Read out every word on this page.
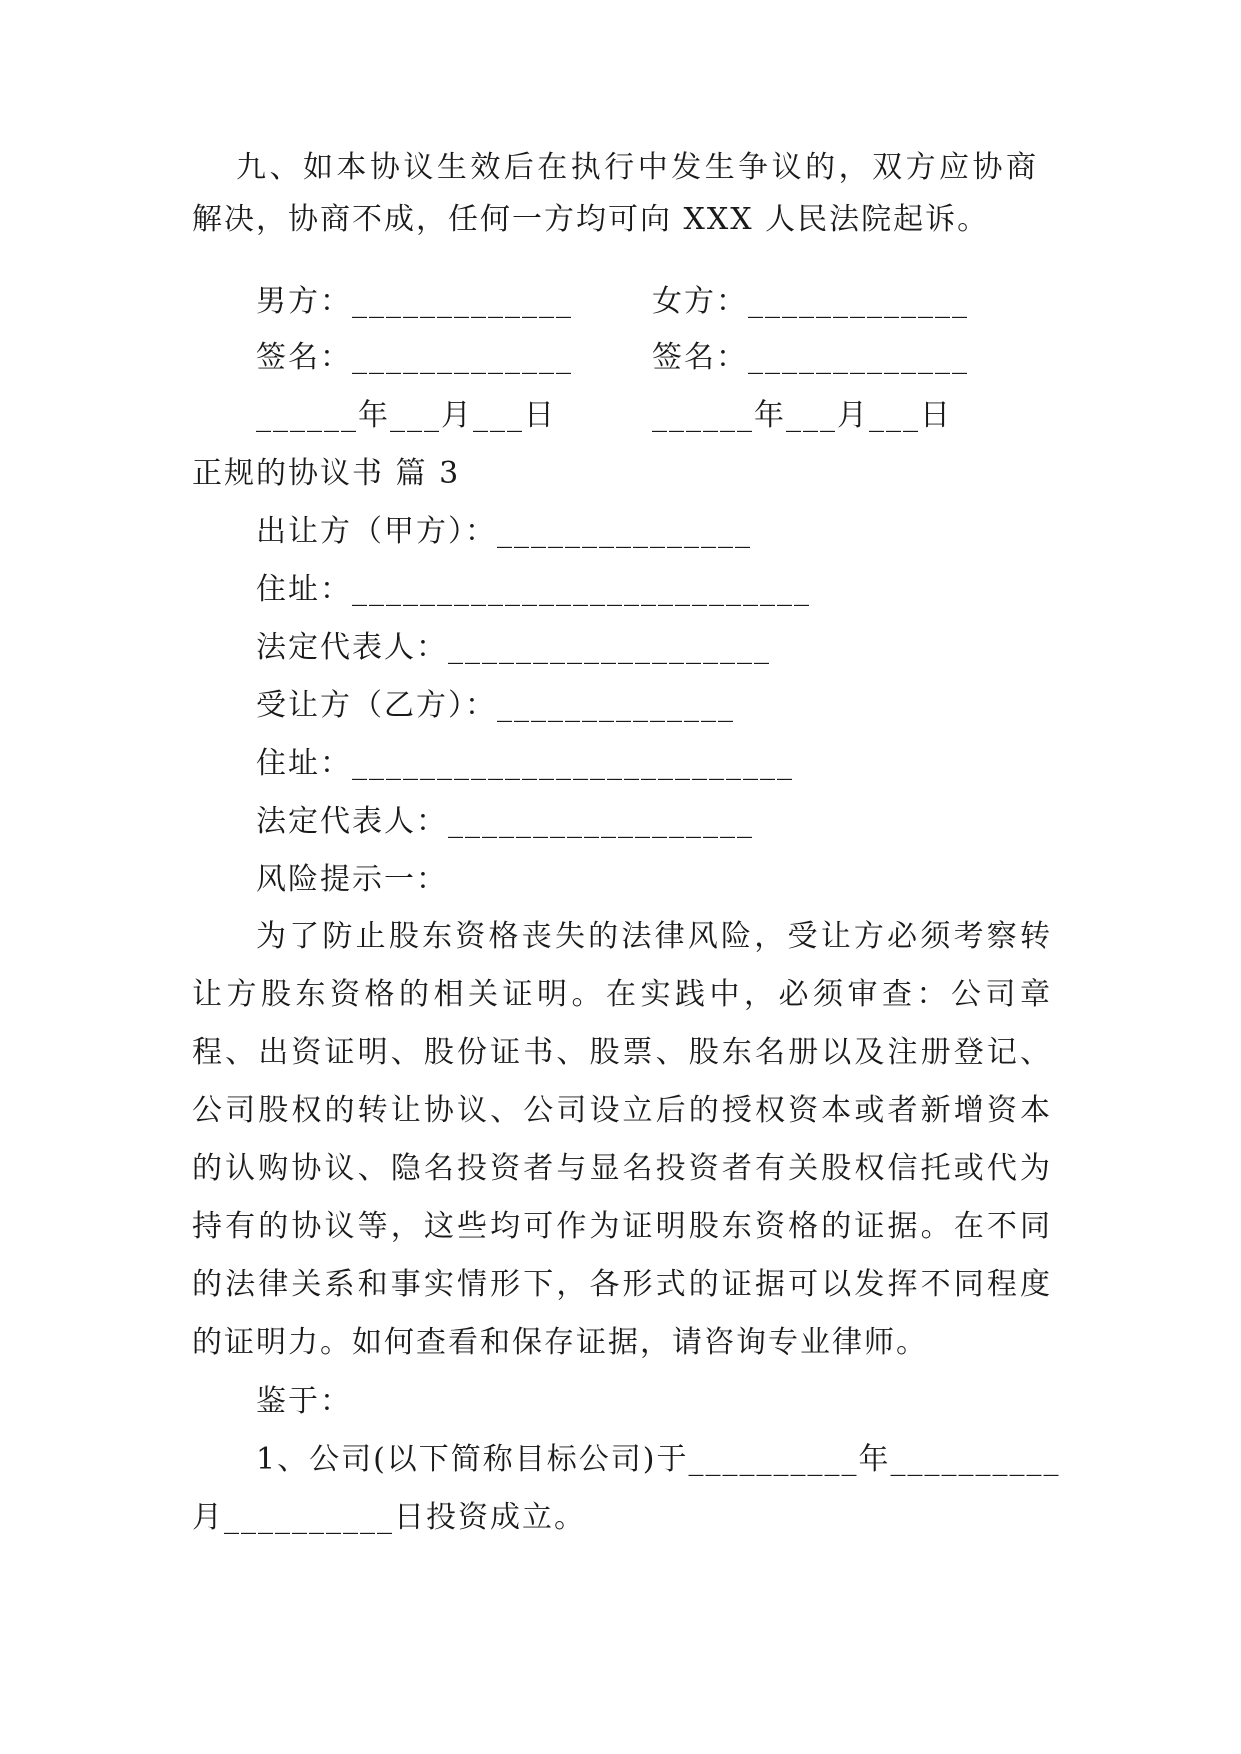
九、如本协议生效后在执行中发生争议的，双方应协商
解决，协商不成，任何一方均可向 XXX 人民法院起诉。
男方：_____________	女方：_____________
签名：_____________	签名：_____________
______年___月___日	______年___月___日
正规的协议书 篇 3
出让方（甲方）：_______________
住址：___________________________
法定代表人：___________________
受让方（乙方）：______________
住址：__________________________
法定代表人：__________________
风险提示一：
为了防止股东资格丧失的法律风险，受让方必须考察转让方股东资格的相关证明。在实践中，必须审查：公司章程、出资证明、股份证书、股票、股东名册以及注册登记、公司股权的转让协议、公司设立后的授权资本或者新增资本的认购协议、隐名投资者与显名投资者有关股权信托或代为持有的协议等，这些均可作为证明股东资格的证据。在不同的法律关系和事实情形下，各形式的证据可以发挥不同程度的证明力。如何查看和保存证据，请咨询专业律师。
鉴于：
1、公司(以下简称目标公司)于__________年__________
月__________日投资成立。
